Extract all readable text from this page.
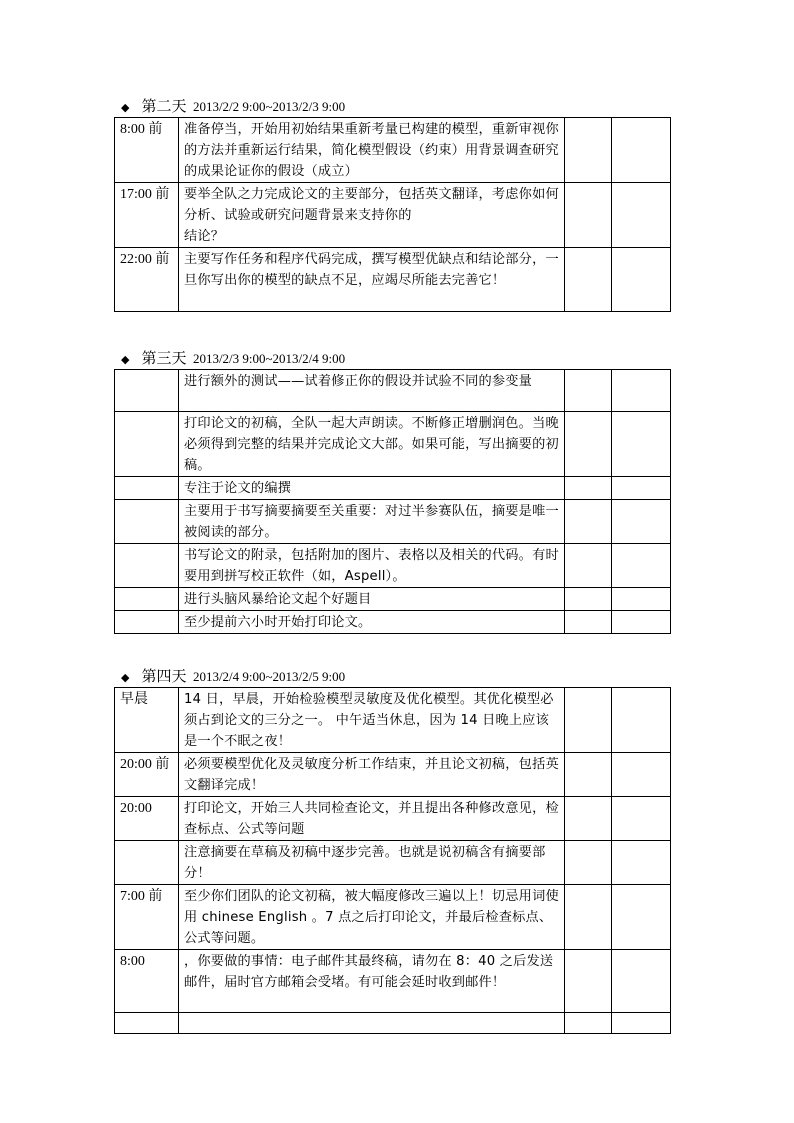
◆ 第二天 2013/2/2 9:00~2013/2/3 9:00
8:00 前	准备停当，开始用初始结果重新考量已构建的模型，重新审视你的方法并重新运行结果，简化模型假设（约束）用背景调查研究的成果论证你的假设（成立）		
17:00 前	要举全队之力完成论文的主要部分，包括英文翻译，考虑你如何分析、试验或研究问题背景来支持你的
结论？		
22:00 前	主要写作任务和程序代码完成，撰写模型优缺点和结论部分，一旦你写出你的模型的缺点不足，应竭尽所能去完善它！		
◆ 第三天 2013/2/3 9:00~2013/2/4 9:00
	进行额外的测试——试着修正你的假设并试验不同的参变量		
	打印论文的初稿，全队一起大声朗读。不断修正增删润色。当晚必须得到完整的结果并完成论文大部。如果可能，写出摘要的初稿。		
	专注于论文的编撰		
	主要用于书写摘要摘要至关重要：对过半参赛队伍，摘要是唯一被阅读的部分。		
	书写论文的附录，包括附加的图片、表格以及相关的代码。有时要用到拼写校正软件（如，Aspell）。		
	进行头脑风暴给论文起个好题目		
	至少提前六小时开始打印论文。		
◆ 第四天 2013/2/4 9:00~2013/2/5 9:00
早晨	14 日，早晨，开始检验模型灵敏度及优化模型。其优化模型必须占到论文的三分之一。 中午适当休息，因为 14 日晚上应该是一个不眠之夜！		
20:00 前	必须要模型优化及灵敏度分析工作结束，并且论文初稿，包括英文翻译完成！		
20:00	打印论文，开始三人共同检查论文，并且提出各种修改意见，检查标点、公式等问题		
	注意摘要在草稿及初稿中逐步完善。也就是说初稿含有摘要部分！		
7:00 前	至少你们团队的论文初稿，被大幅度修改三遍以上！切忌用词使用 chinese English 。7 点之后打印论文，并最后检查标点、公式等问题。		
8:00	，你要做的事情：电子邮件其最终稿，请勿在 8：40 之后发送邮件，届时官方邮箱会受堵。有可能会延时收到邮件！		
